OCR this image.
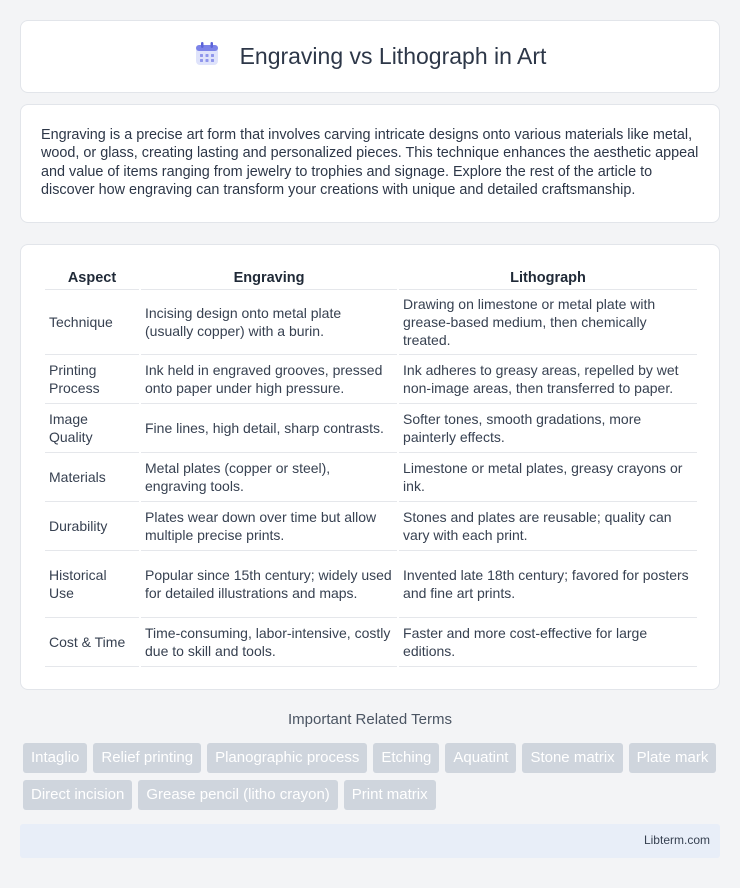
Engraving vs Lithograph in Art

Engraving is a precise art form that involves carving intricate designs onto various materials like metal, wood, or glass, creating lasting and personalized pieces. This technique enhances the aesthetic appeal and value of items ranging from jewelry to trophies and signage. Explore the rest of the article to discover how engraving can transform your creations with unique and detailed craftsmanship.

Aspect	Engraving	Lithograph
Technique	Incising design onto metal plate (usually copper) with a burin.	Drawing on limestone or metal plate with grease-based medium, then chemically treated.
Printing Process	Ink held in engraved grooves, pressed onto paper under high pressure.	Ink adheres to greasy areas, repelled by wet non-image areas, then transferred to paper.
Image Quality	Fine lines, high detail, sharp contrasts.	Softer tones, smooth gradations, more painterly effects.
Materials	Metal plates (copper or steel), engraving tools.	Limestone or metal plates, greasy crayons or ink.
Durability	Plates wear down over time but allow multiple precise prints.	Stones and plates are reusable; quality can vary with each print.
Historical Use	Popular since 15th century; widely used for detailed illustrations and maps.	Invented late 18th century; favored for posters and fine art prints.
Cost & Time	Time-consuming, labor-intensive, costly due to skill and tools.	Faster and more cost-effective for large editions.
Important Related Terms
Intaglio	Relief printing	Planographic process	Etching	Aquatint	Stone matrix	Plate mark
Direct incision	Grease pencil (litho crayon)	Print matrix
Libterm.com
